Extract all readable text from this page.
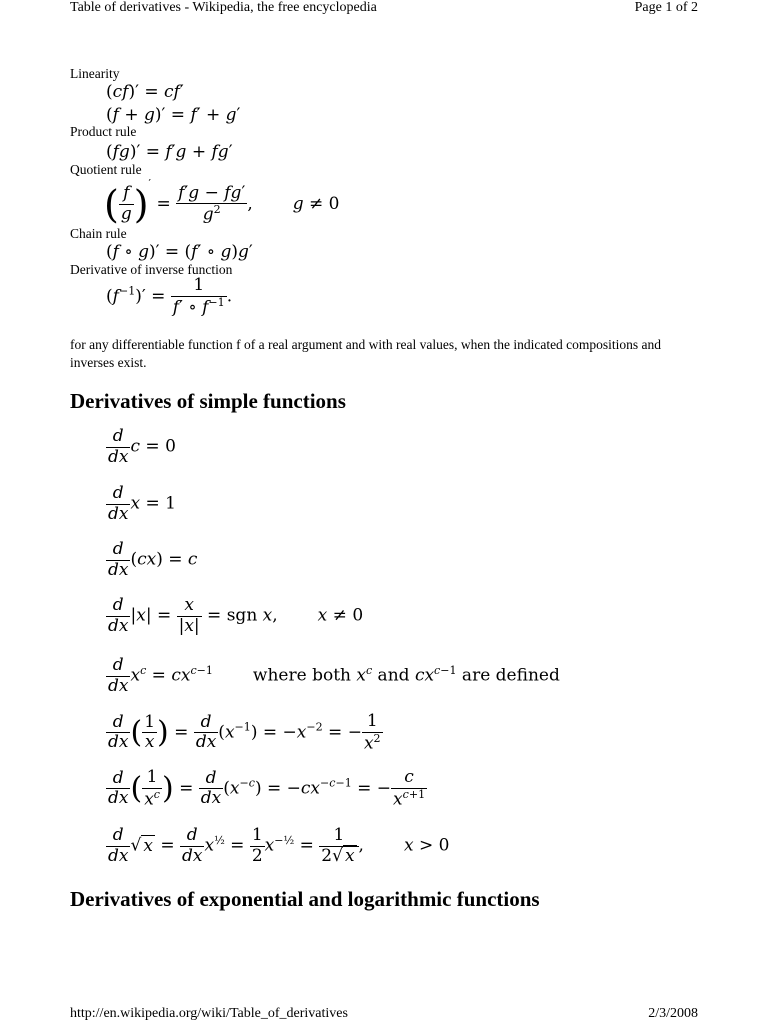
Table of derivatives - Wikipedia, the free encyclopedia	Page 1 of 2
Linearity
(cf)′ = cf′
(f + g)′ = f′ + g′
Product rule
(fg)′ = f′g + fg′
Quotient rule
( $\frac{f}{g} )' = \frac{f'g - fg'}{g^2}$ , g ≠ 0
Chain rule
(f ∘ g)′ = (f′ ∘ g)g′
Derivative of inverse function
$(f^{-1})' = \frac{1}{f' \circ f^{-1}}$ .
for any differentiable function f of a real argument and with real values, when the indicated compositions and inverses exist.
Derivatives of simple functions
$\frac{d}{dx}$ c = 0
$\frac{d}{dx}$ x = 1
$\frac{d}{dx} (cx) = c$
$\frac{d}{dx} |x| = \frac{x}{|x|}$ = sgn x, x ≠ 0
$\frac{d}{dx} x^c = cx^{c-1}$ where both $x^c$ and $cx^{c-1}$ are defined
$\frac{d}{dx}$ ( $\frac{1}{x}$ ) = $\frac{d}{dx} (x^{-1}) = -x^{-2}$ = − $\frac{1}{x^2}$
$\frac{d}{dx}$ ( $\frac{1}{x^c}$ ) = $\frac{d}{dx} (x^{-c}) = -cx^{-c-1}$ = − $\frac{c}{x^{c+1}}$
$\frac{d}{dx}$ √ $x = \frac{d}{dx} x^{\frac{1}{2}} = \frac{1}{2} x^{-\frac{1}{2}} = \frac{1}{2√ x}$ , x > 0
Derivatives of exponential and logarithmic functions
http://en.wikipedia.org/wiki/Table_of_derivatives	2/3/2008
